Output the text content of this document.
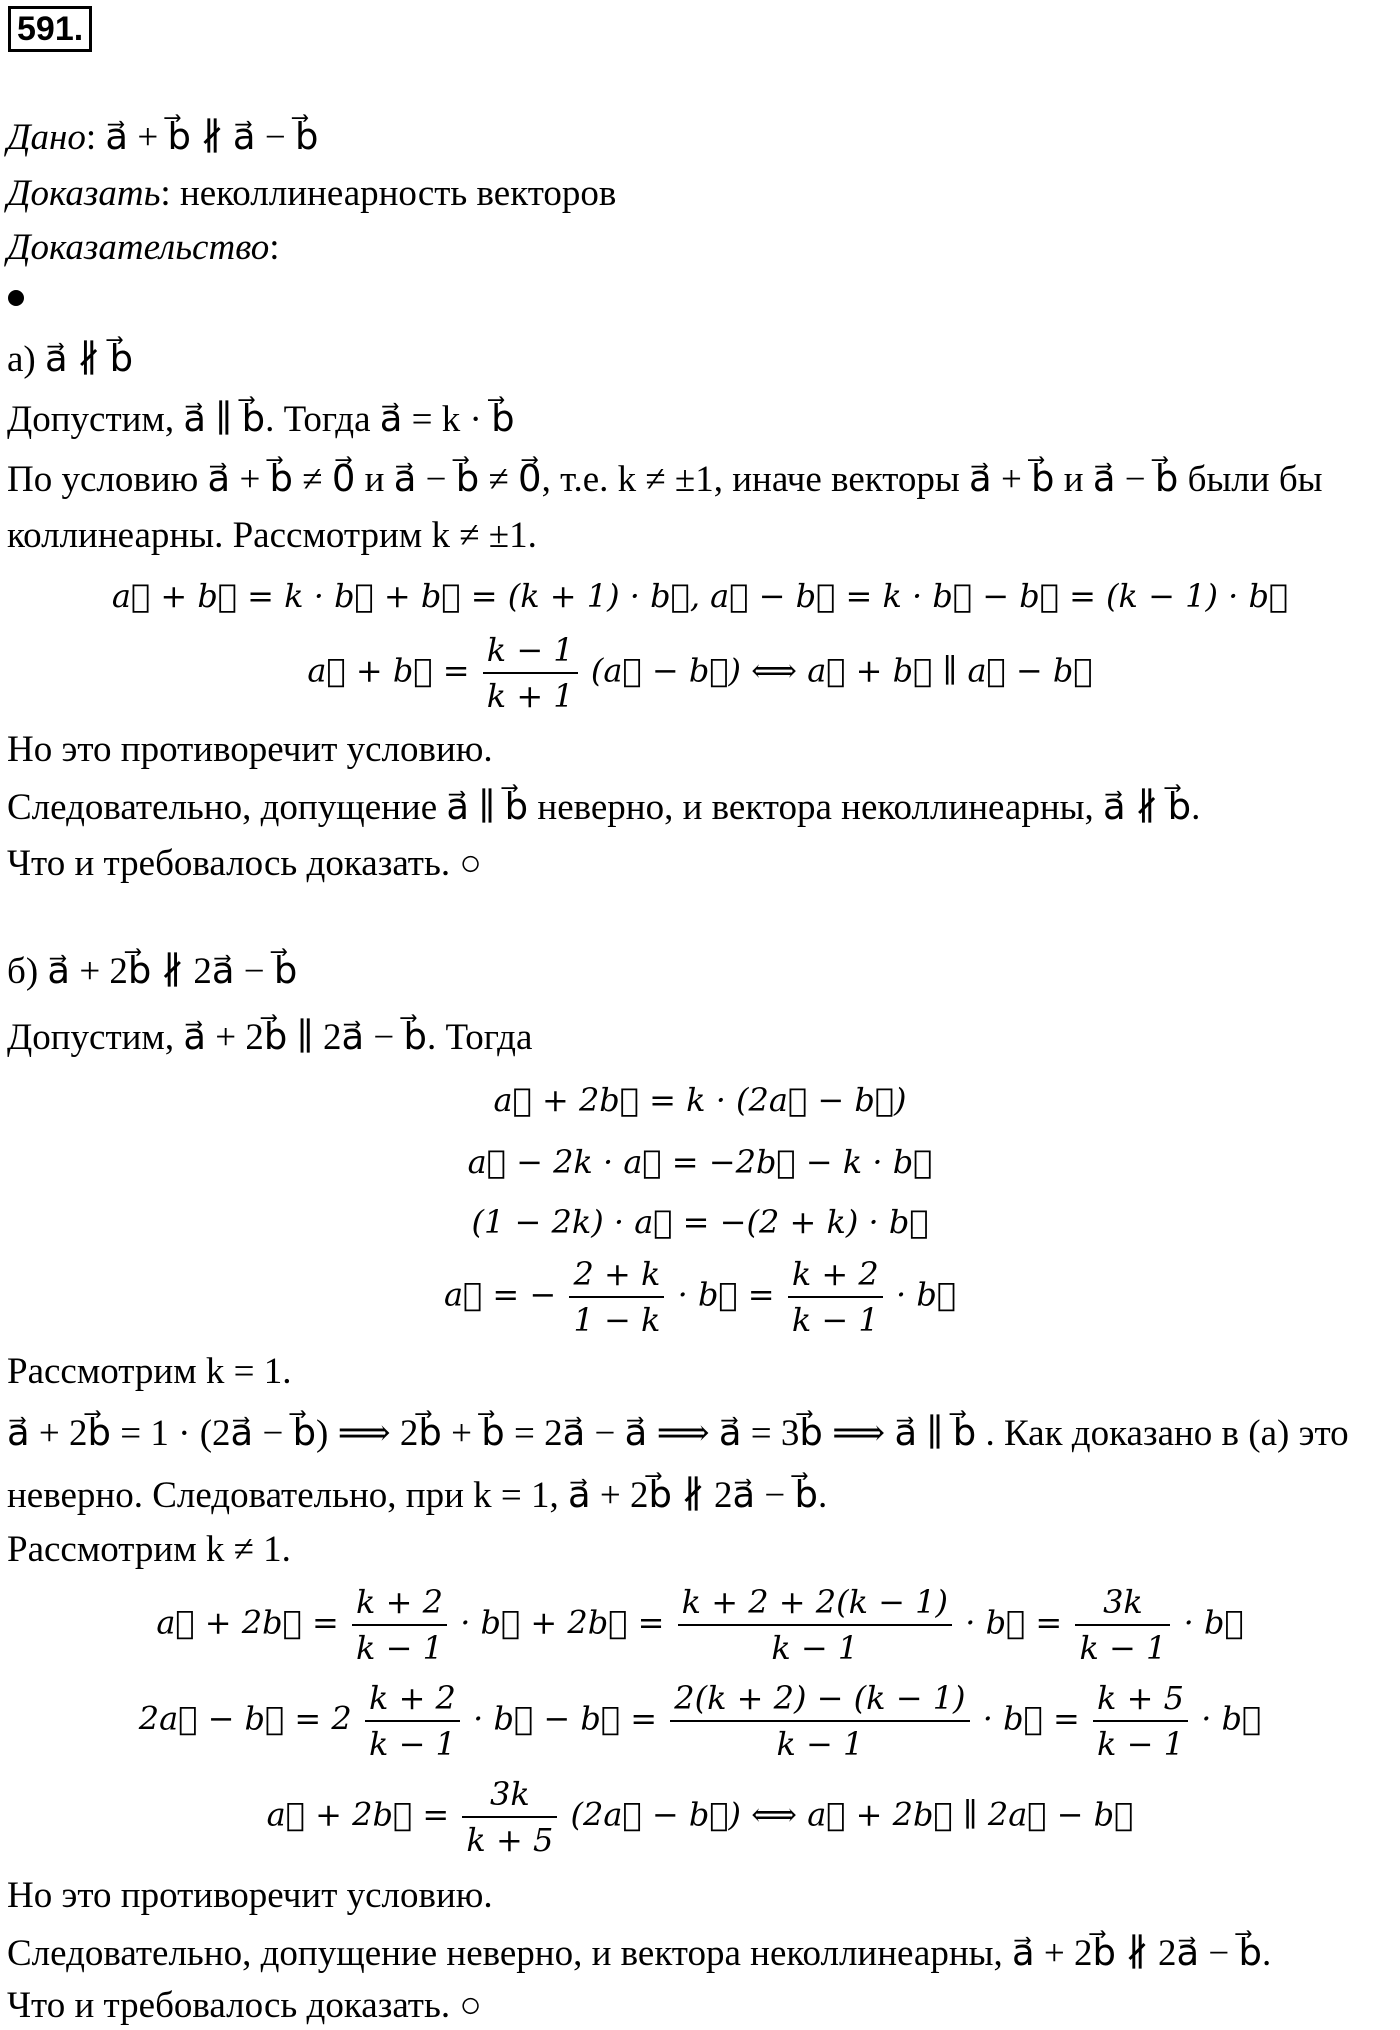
591.
Дано: a⃗ + b⃗ ∦ a⃗ − b⃗
Доказать: неколлинеарность векторов
Доказательство:
а) a⃗ ∦ b⃗
Допустим, a⃗ ∥ b⃗. Тогда a⃗ = k · b⃗
По условию a⃗ + b⃗ ≠ 0⃗ и a⃗ − b⃗ ≠ 0⃗, т.е. k ≠ ±1, иначе векторы a⃗ + b⃗ и a⃗ − b⃗ были бы
коллинеарны. Рассмотрим k ≠ ±1.
a⃗ + b⃗ = k · b⃗ + b⃗ = (k + 1) · b⃗, a⃗ − b⃗ = k · b⃗ − b⃗ = (k − 1) · b⃗
a⃗ + b⃗ = $\frac{k - 1}{k + 1}$ (a⃗ − b⃗) ⟺ a⃗ + b⃗ ∥ a⃗ − b⃗
Но это противоречит условию.
Следовательно, допущение a⃗ ∥ b⃗ неверно, и вектора неколлинеарны, a⃗ ∦ b⃗.
Что и требовалось доказать. ○
б) a⃗ + 2b⃗ ∦ 2a⃗ − b⃗
Допустим, a⃗ + 2b⃗ ∥ 2a⃗ − b⃗. Тогда
a⃗ + 2b⃗ = k · (2a⃗ − b⃗)
a⃗ − 2k · a⃗ = −2b⃗ − k · b⃗
(1 − 2k) · a⃗ = −(2 + k) · b⃗
a⃗ = − $\frac{2 + k}{1 - k}$ · b⃗ = $\frac{k + 2}{k - 1}$ · b⃗
Рассмотрим k = 1.
a⃗ + 2b⃗ = 1 · (2a⃗ − b⃗) ⟹ 2b⃗ + b⃗ = 2a⃗ − a⃗ ⟹ a⃗ = 3b⃗ ⟹ a⃗ ∥ b⃗ . Как доказано в (а) это
неверно. Следовательно, при k = 1, a⃗ + 2b⃗ ∦ 2a⃗ − b⃗.
Рассмотрим k ≠ 1.
a⃗ + 2b⃗ = $\frac{k + 2}{k - 1}$ · b⃗ + 2b⃗ = $\frac{k + 2 + 2(k - 1)}{k - 1}$ · b⃗ = $\frac{3k}{k - 1}$ · b⃗
2a⃗ − b⃗ = $2 \frac{k + 2}{k - 1}$ · b⃗ − b⃗ = $\frac{2(k + 2) - (k - 1)}{k - 1}$ · b⃗ = $\frac{k + 5}{k - 1}$ · b⃗
a⃗ + 2b⃗ = $\frac{3k}{k + 5}$ (2a⃗ − b⃗) ⟺ a⃗ + 2b⃗ ∥ 2a⃗ − b⃗
Но это противоречит условию.
Следовательно, допущение неверно, и вектора неколлинеарны, a⃗ + 2b⃗ ∦ 2a⃗ − b⃗.
Что и требовалось доказать. ○
